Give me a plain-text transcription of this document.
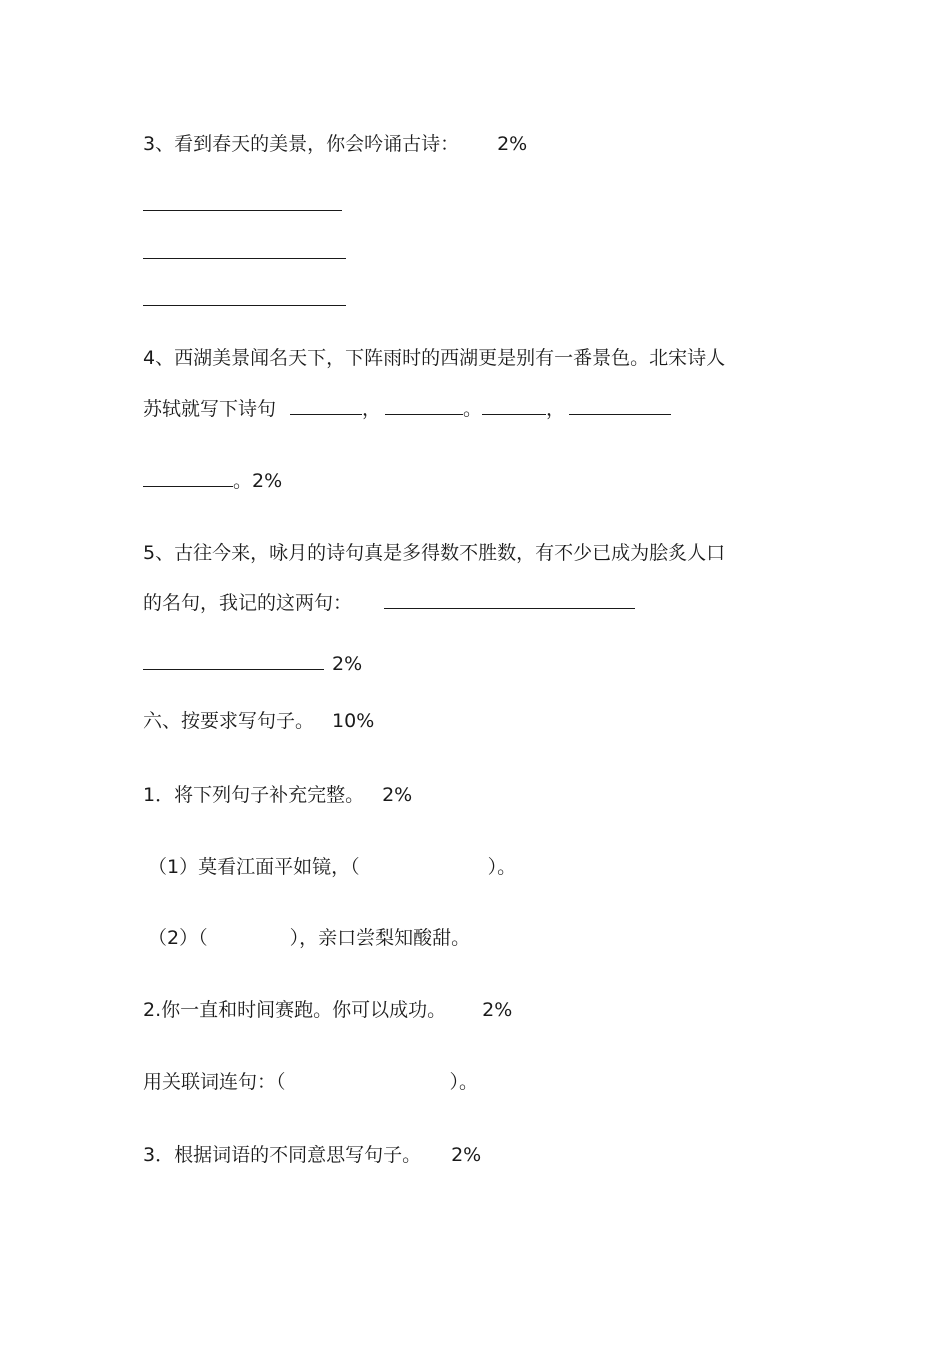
3、看到春天的美景，你会吟诵古诗： 2%
4、西湖美景闻名天下，下阵雨时的西湖更是别有一番景色。北宋诗人
苏轼就写下诗句	，	。	，
。2%
5、古往今来，咏月的诗句真是多得数不胜数，有不少已成为脍炙人口
的名句，我记的这两句：
2%
六、按要求写句子。 10%
1．将下列句子补充完整。 2%
（1）莫看江面平如镜，（	）。
（2）（	），亲口尝梨知酸甜。
2.你一直和时间赛跑。你可以成功。 2%
用关联词连句：（	）。
3．根据词语的不同意思写句子。 2%
